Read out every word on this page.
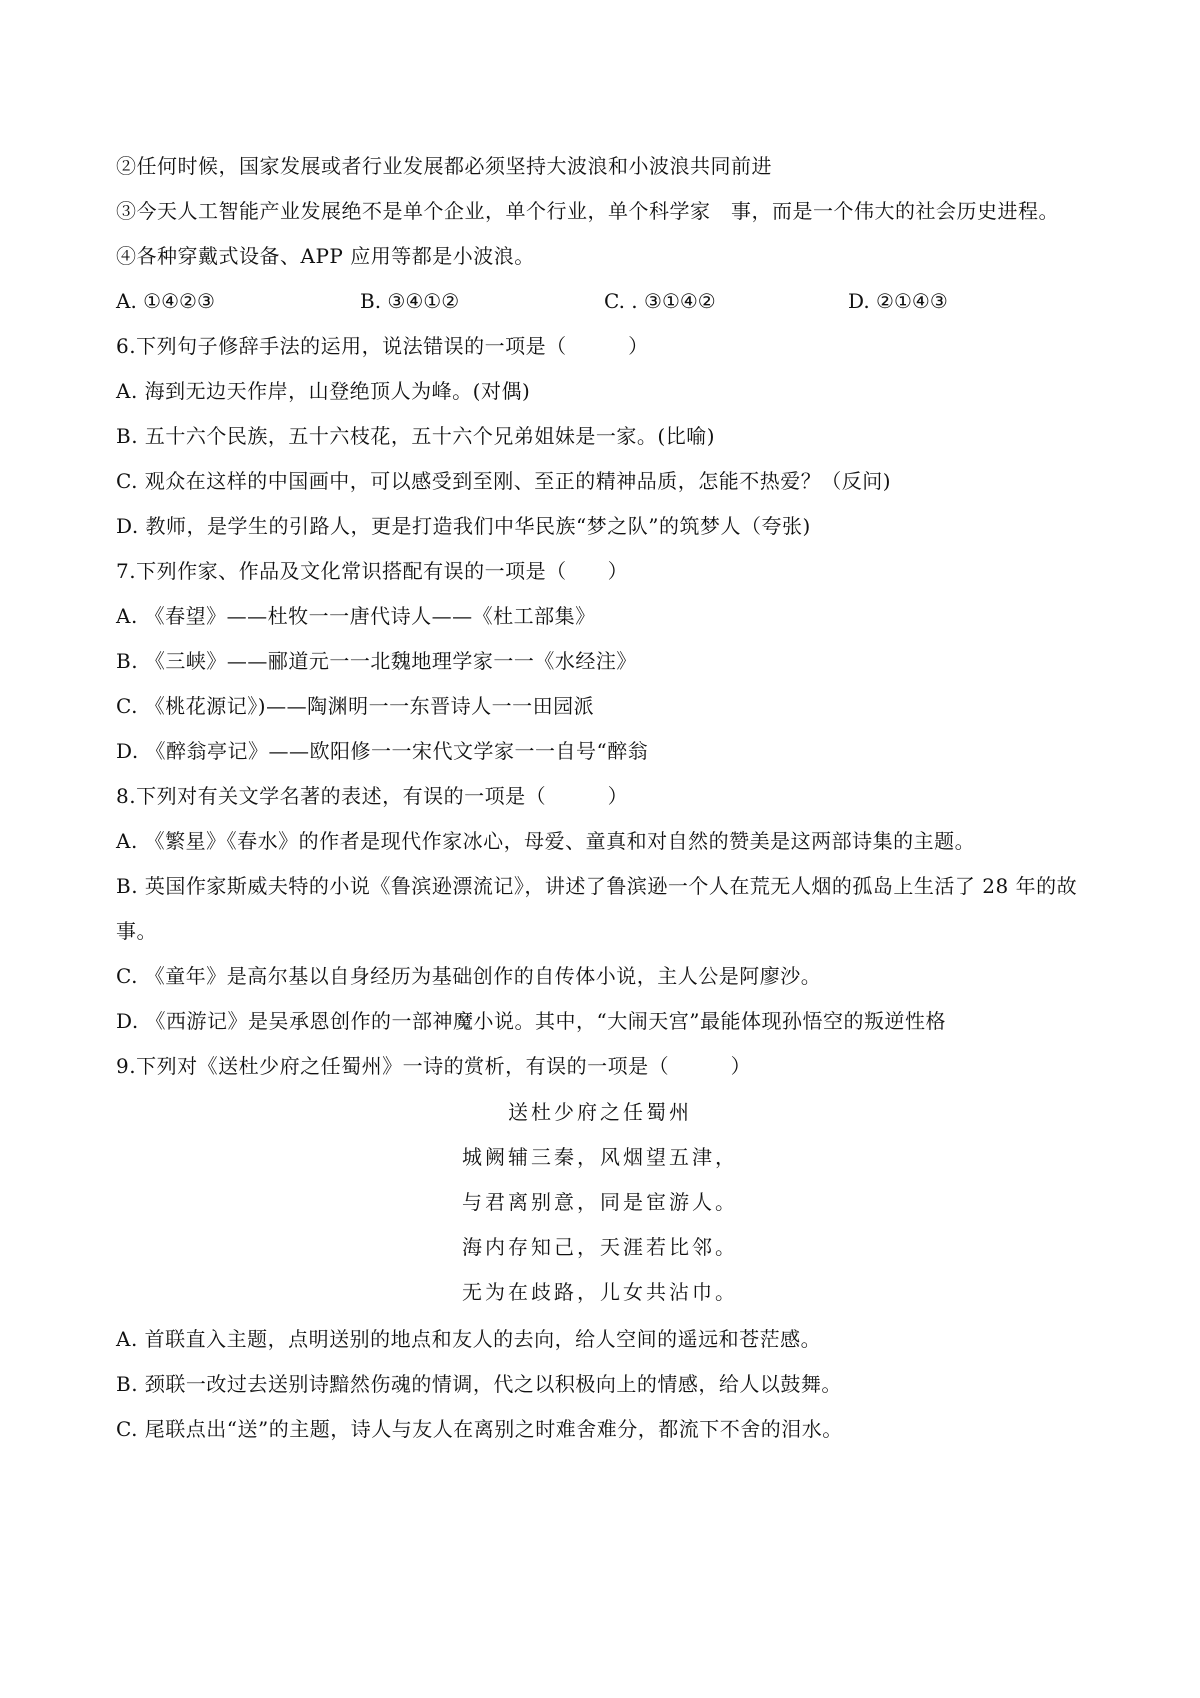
②任何时候，国家发展或者行业发展都必须坚持大波浪和小波浪共同前进
③今天人工智能产业发展绝不是单个企业，单个行业，单个科学家　事，而是一个伟大的社会历史进程。
④各种穿戴式设备、APP 应用等都是小波浪。
A. ①④②③	B. ③④①②	C. . ③①④②	D. ②①④③
6.下列句子修辞手法的运用，说法错误的一项是（　　　）
A. 海到无边天作岸，山登绝顶人为峰。(对偶)
B. 五十六个民族，五十六枝花，五十六个兄弟姐妹是一家。(比喻)
C. 观众在这样的中国画中，可以感受到至刚、至正的精神品质，怎能不热爱？（反问)
D. 教师，是学生的引路人，更是打造我们中华民族“梦之队”的筑梦人（夸张)
7.下列作家、作品及文化常识搭配有误的一项是（　　）
A. 《春望》——杜牧一一唐代诗人——《杜工部集》
B. 《三峡》——郦道元一一北魏地理学家一一《水经注》
C. 《桃花源记》)——陶渊明一一东晋诗人一一田园派
D. 《醉翁亭记》——欧阳修一一宋代文学家一一自号“醉翁
8.下列对有关文学名著的表述，有误的一项是（　　　）
A. 《繁星》《春水》的作者是现代作家冰心，母爱、童真和对自然的赞美是这两部诗集的主题。
B. 英国作家斯威夫特的小说《鲁滨逊漂流记》，讲述了鲁滨逊一个人在荒无人烟的孤岛上生活了 28 年的故
事。
C. 《童年》是高尔基以自身经历为基础创作的自传体小说，主人公是阿廖沙。
D. 《西游记》是吴承恩创作的一部神魔小说。其中，“大闹天宫”最能体现孙悟空的叛逆性格
9.下列对《送杜少府之任蜀州》一诗的赏析，有误的一项是（　　　）
送杜少府之任蜀州
城阙辅三秦，风烟望五津，
与君离别意，同是宦游人。
海内存知己，天涯若比邻。
无为在歧路，儿女共沾巾。
A. 首联直入主题，点明送别的地点和友人的去向，给人空间的遥远和苍茫感。
B. 颈联一改过去送别诗黯然伤魂的情调，代之以积极向上的情感，给人以鼓舞。
C. 尾联点出“送”的主题，诗人与友人在离别之时难舍难分，都流下不舍的泪水。
